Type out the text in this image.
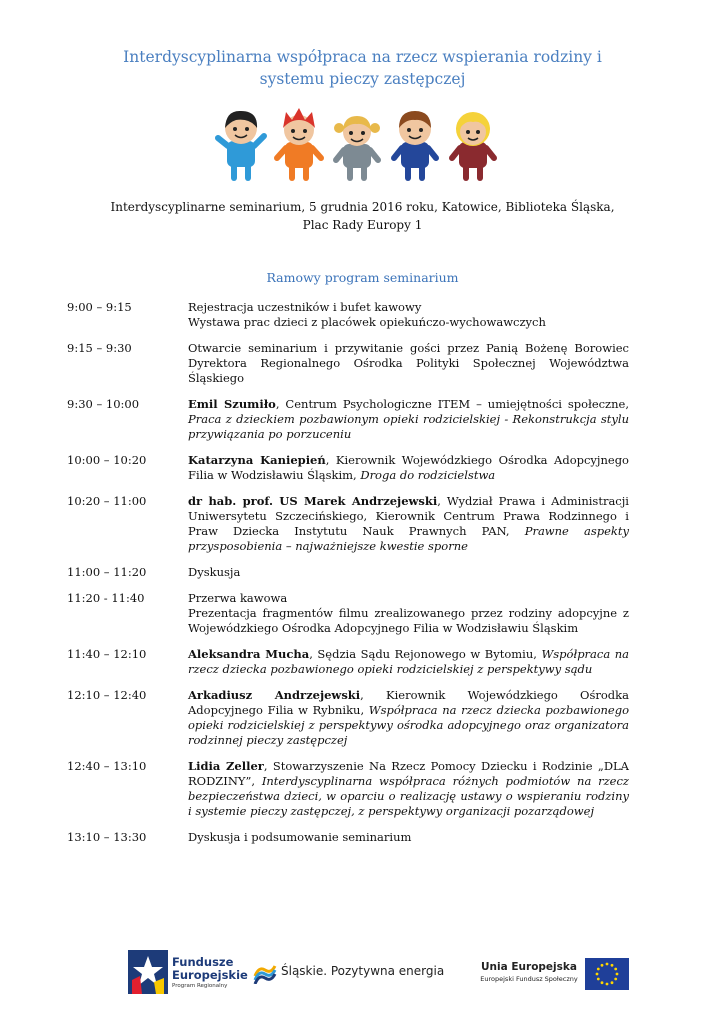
Interdyscyplinarna współpraca na rzecz wspierania rodziny i systemu pieczy zastępczej
Interdyscyplinarne seminarium, 5 grudnia 2016 roku, Katowice, Biblioteka Śląska,
Plac Rady Europy 1
Ramowy program seminarium
9:00 – 9:15	Rejestracja uczestników i bufet kawowy
Wystawa prac dzieci z placówek opiekuńczo-wychowawczych
9:15 – 9:30	Otwarcie seminarium i przywitanie gości przez Panią Bożenę Borowiec Dyrektora Regionalnego Ośrodka Polityki Społecznej Województwa Śląskiego
9:30 – 10:00	Emil Szumiło, Centrum Psychologiczne ITEM – umiejętności społeczne, Praca z dzieckiem pozbawionym opieki rodzicielskiej - Rekonstrukcja stylu przywiązania po porzuceniu
10:00 – 10:20	Katarzyna Kaniepień, Kierownik Wojewódzkiego Ośrodka Adopcyjnego Filia w Wodzisławiu Śląskim, Droga do rodzicielstwa
10:20 – 11:00	dr hab. prof. US Marek Andrzejewski, Wydział Prawa i Administracji Uniwersytetu Szczecińskiego, Kierownik Centrum Prawa Rodzinnego i Praw Dziecka Instytutu Nauk Prawnych PAN, Prawne aspekty przysposobienia – najważniejsze kwestie sporne
11:00 – 11:20	Dyskusja
11:20 - 11:40	Przerwa kawowa
Prezentacja fragmentów filmu zrealizowanego przez rodziny adopcyjne z Wojewódzkiego Ośrodka Adopcyjnego Filia w Wodzisławiu Śląskim
11:40 – 12:10	Aleksandra Mucha, Sędzia Sądu Rejonowego w Bytomiu, Współpraca na rzecz dziecka pozbawionego opieki rodzicielskiej z perspektywy sądu
12:10 – 12:40	Arkadiusz Andrzejewski, Kierownik Wojewódzkiego Ośrodka Adopcyjnego Filia w Rybniku, Współpraca na rzecz dziecka pozbawionego opieki rodzicielskiej z perspektywy ośrodka adopcyjnego oraz organizatora rodzinnej pieczy zastępczej
12:40 – 13:10	Lidia Zeller, Stowarzyszenie Na Rzecz Pomocy Dziecku i Rodzinie „DLA RODZINY”, Interdyscyplinarna współpraca różnych podmiotów na rzecz bezpieczeństwa dzieci, w oparciu o realizację ustawy o wspieraniu rodziny i systemie pieczy zastępczej, z perspektywy organizacji pozarządowej
13:10 – 13:30	Dyskusja i podsumowanie seminarium
Fundusze
Europejskie
Program Regionalny
Śląskie. Pozytywna energia	Unia Europejska
Europejski Fundusz Społeczny
